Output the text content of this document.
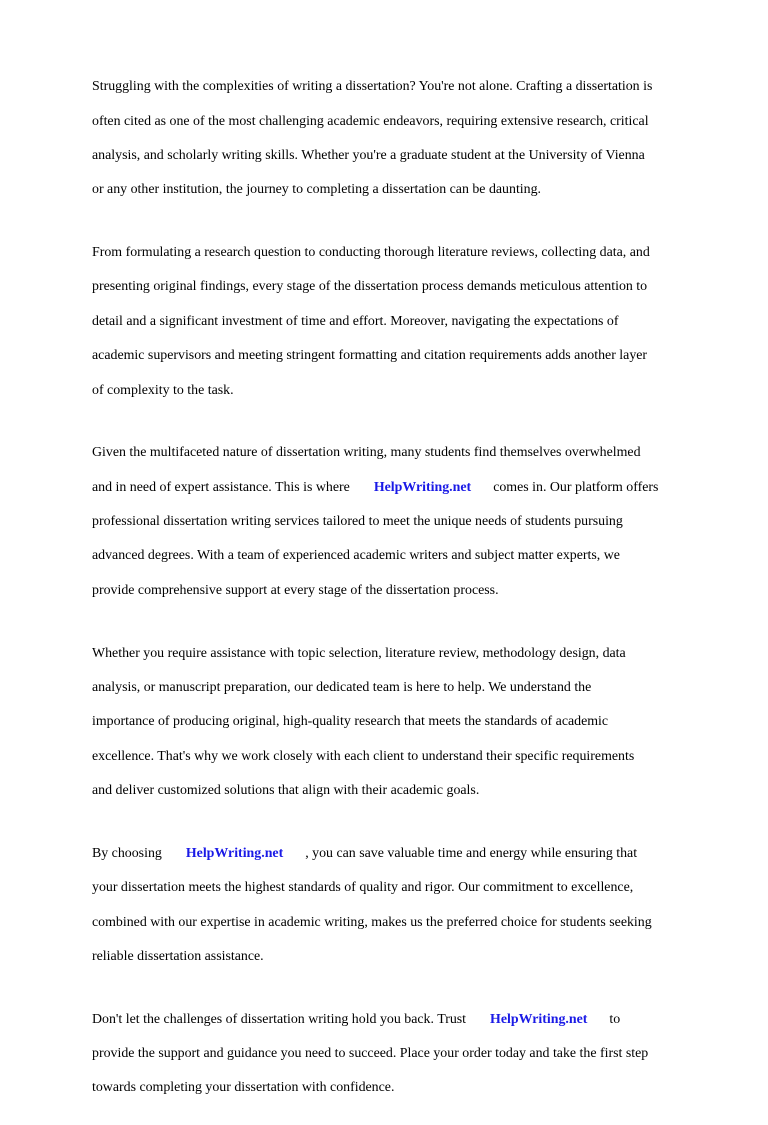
Struggling with the complexities of writing a dissertation? You're not alone. Crafting a dissertation is

often cited as one of the most challenging academic endeavors, requiring extensive research, critical

analysis, and scholarly writing skills. Whether you're a graduate student at the University of Vienna

or any other institution, the journey to completing a dissertation can be daunting.

From formulating a research question to conducting thorough literature reviews, collecting data, and

presenting original findings, every stage of the dissertation process demands meticulous attention to

detail and a significant investment of time and effort. Moreover, navigating the expectations of

academic supervisors and meeting stringent formatting and citation requirements adds another layer

of complexity to the task.

Given the multifaceted nature of dissertation writing, many students find themselves overwhelmed

and in need of expert assistance. This is where HelpWriting.net comes in. Our platform offers

professional dissertation writing services tailored to meet the unique needs of students pursuing

advanced degrees. With a team of experienced academic writers and subject matter experts, we

provide comprehensive support at every stage of the dissertation process.

Whether you require assistance with topic selection, literature review, methodology design, data

analysis, or manuscript preparation, our dedicated team is here to help. We understand the

importance of producing original, high-quality research that meets the standards of academic

excellence. That's why we work closely with each client to understand their specific requirements

and deliver customized solutions that align with their academic goals.

By choosing HelpWriting.net , you can save valuable time and energy while ensuring that

your dissertation meets the highest standards of quality and rigor. Our commitment to excellence,

combined with our expertise in academic writing, makes us the preferred choice for students seeking

reliable dissertation assistance.

Don't let the challenges of dissertation writing hold you back. Trust HelpWriting.net to

provide the support and guidance you need to succeed. Place your order today and take the first step

towards completing your dissertation with confidence.
